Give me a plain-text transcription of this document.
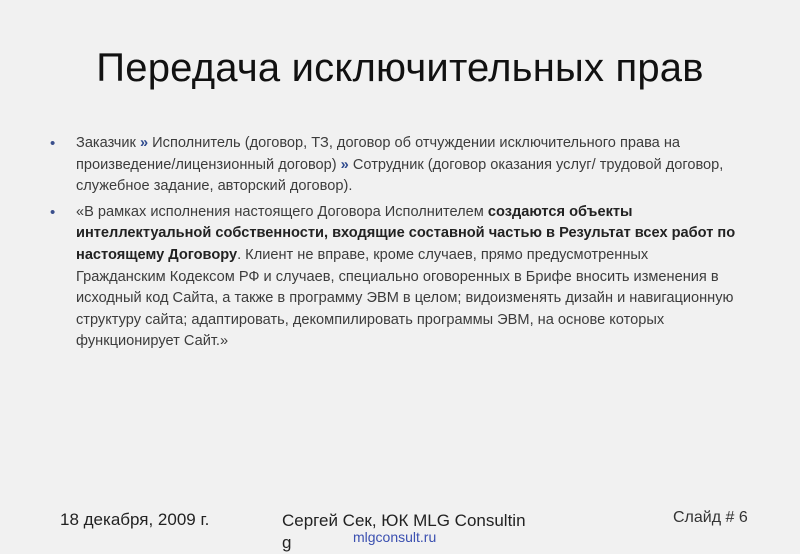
Передача исключительных прав
• Заказчик » Исполнитель (договор, ТЗ, договор об отчуждении исключительного права на произведение/лицензионный договор) » Сотрудник (договор оказания услуг/ трудовой договор, служебное задание, авторский договор).
• «В рамках исполнения настоящего Договора Исполнителем создаются объекты интеллектуальной собственности, входящие составной частью в Результат всех работ по настоящему Договору. Клиент не вправе, кроме случаев, прямо предусмотренных Гражданским Кодексом РФ и случаев, специально оговоренных в Брифе вносить изменения в исходный код Сайта, а также в программу ЭВМ в целом; видоизменять дизайн и навигационную структуру сайта; адаптировать, декомпилировать программы ЭВМ, на основе которых функционирует Сайт.»
18 декабря, 2009 г.	Сергей Сек, ЮК MLG Consulting	mlgconsult.ru
Слайд # 6
